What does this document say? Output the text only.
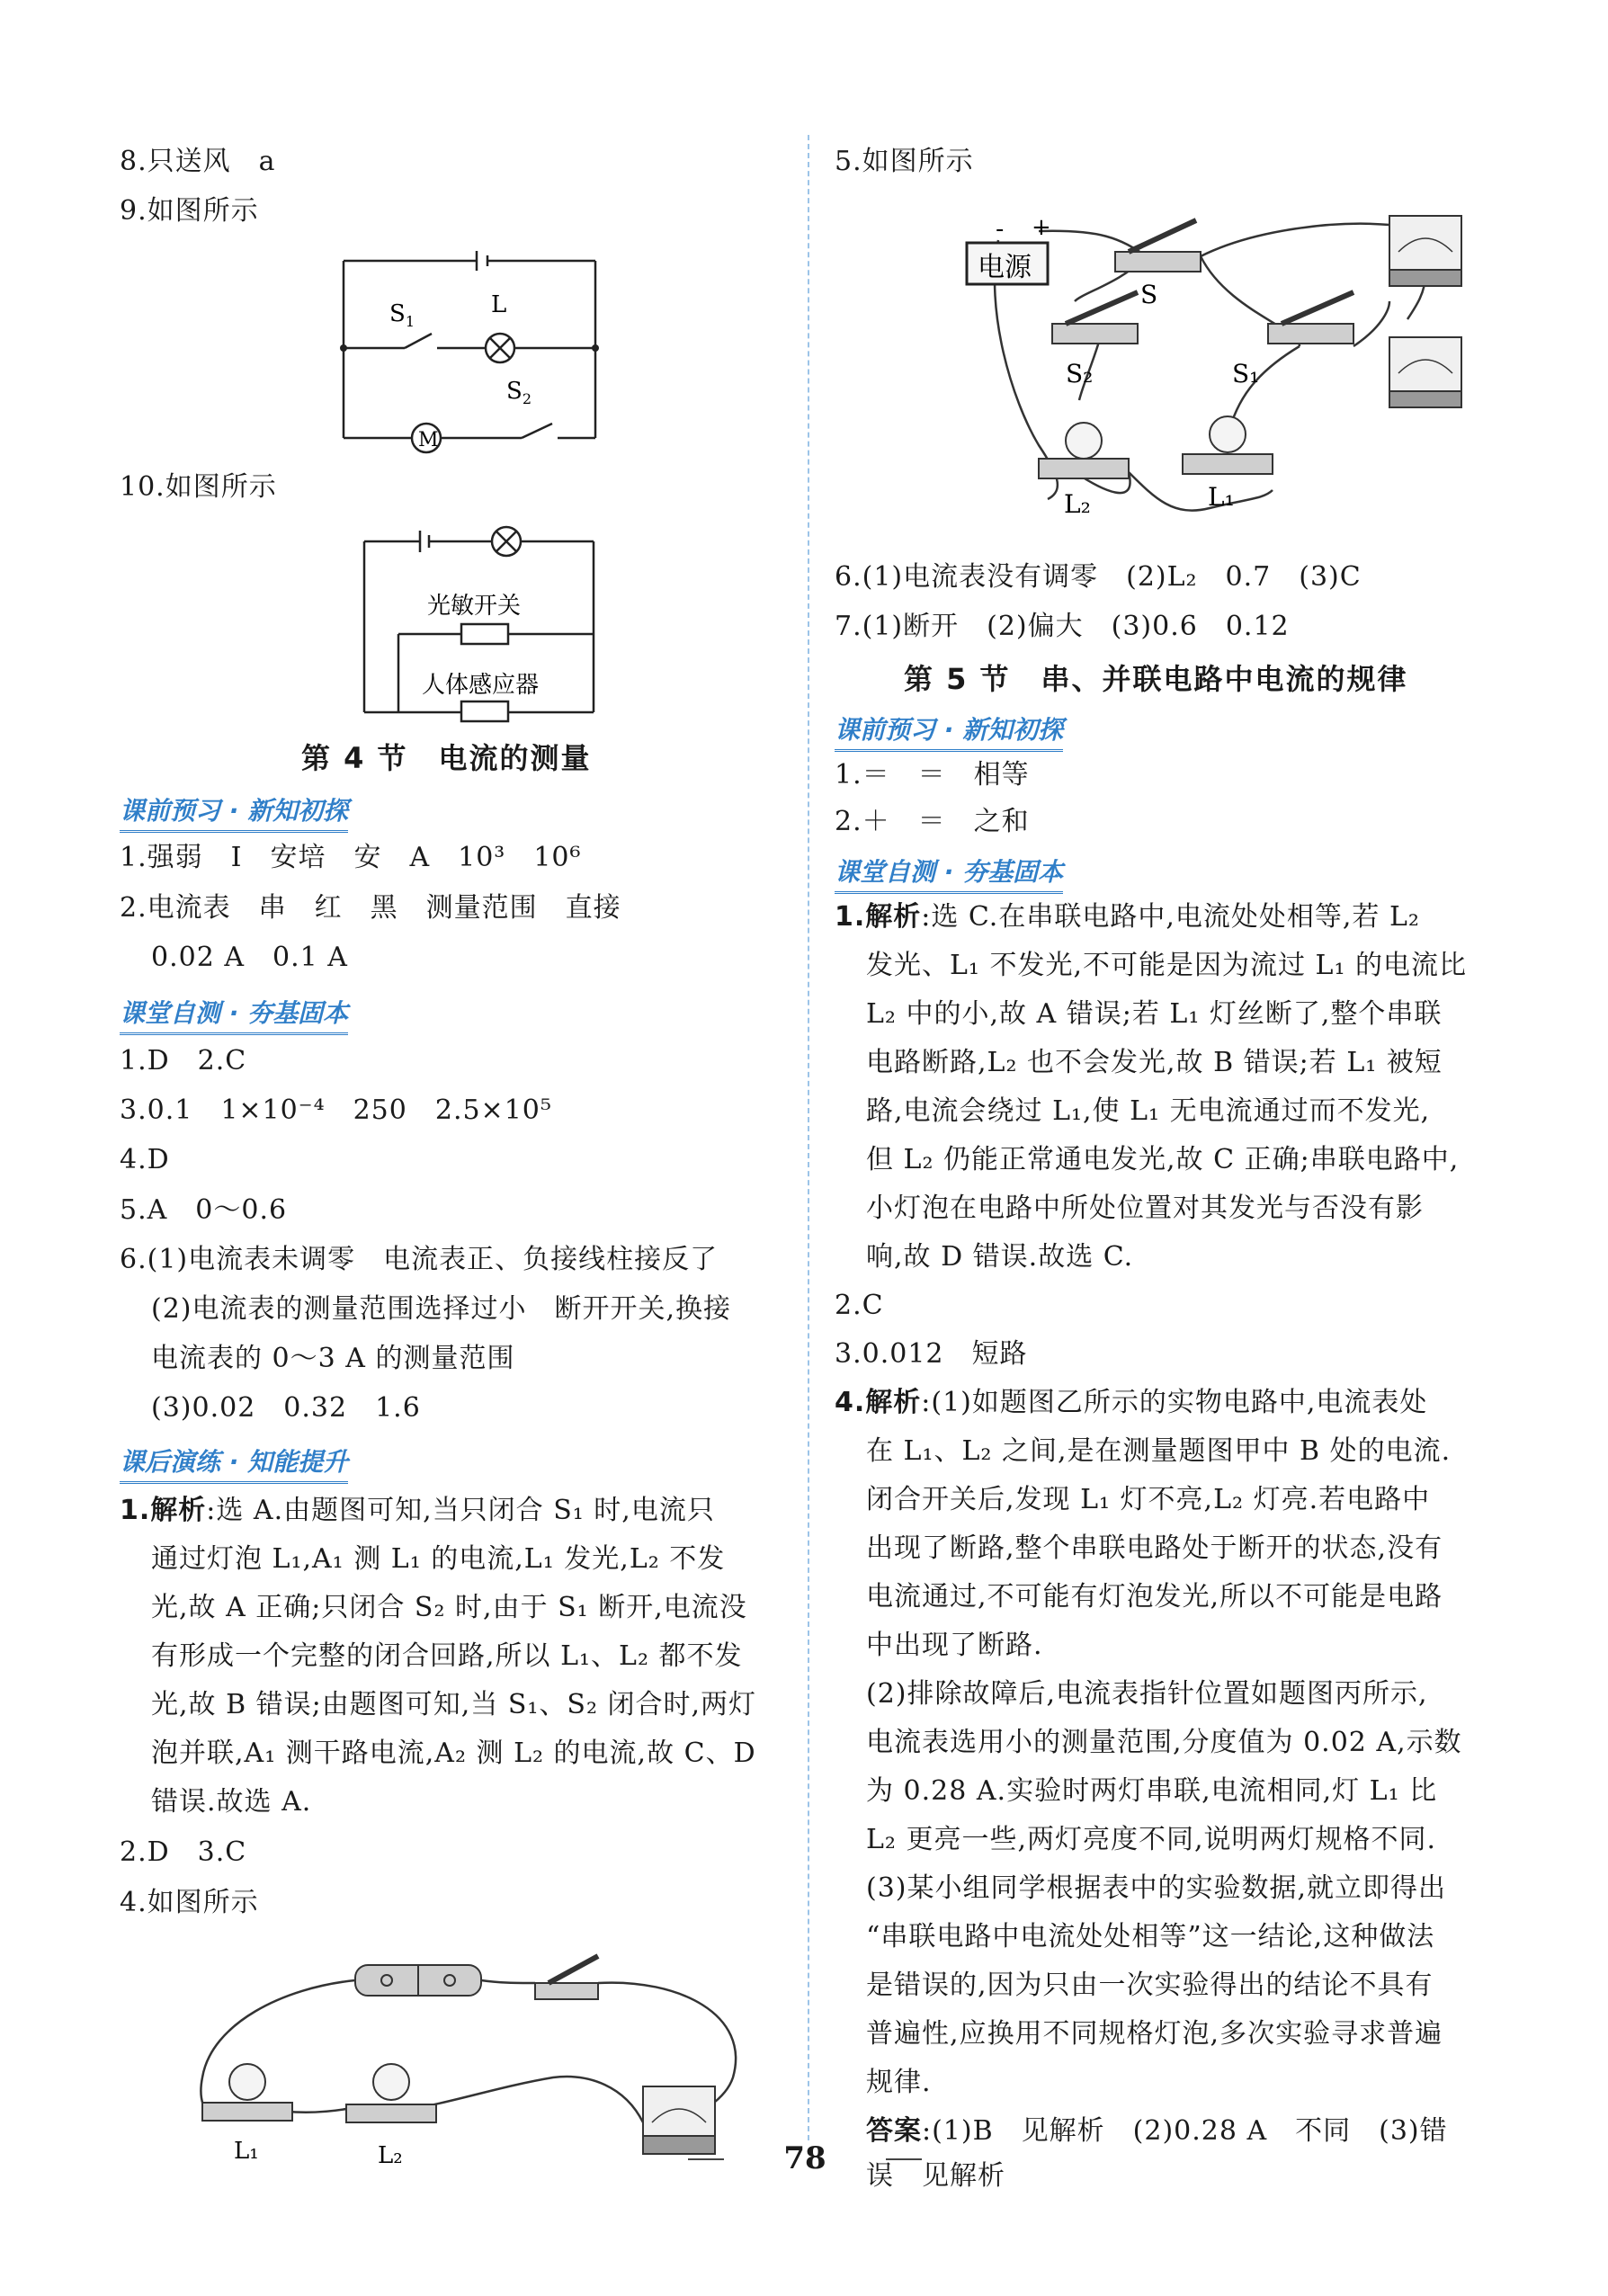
8.只送风　a
9.如图所示
$S_1$
L
$S_2$
M
10.如图所示
光敏开关
人体感应器
第 4 节　电流的测量
课前预习 · 新知初探
1.强弱　I　安培　安　A　10³　10⁶
2.电流表　串　红　黑　测量范围　直接
0.02 A　0.1 A
课堂自测 · 夯基固本
1.D　2.C
3.0.1　1×10⁻⁴　250　2.5×10⁵
4.D
5.A　0～0.6
6.(1)电流表未调零　电流表正、负接线柱接反了
(2)电流表的测量范围选择过小　断开开关,换接
电流表的 0～3 A 的测量范围
(3)0.02　0.32　1.6
课后演练 · 知能提升
1.解析:选 A.由题图可知,当只闭合 S₁ 时,电流只
通过灯泡 L₁,A₁ 测 L₁ 的电流,L₁ 发光,L₂ 不发
光,故 A 正确;只闭合 S₂ 时,由于 S₁ 断开,电流没
有形成一个完整的闭合回路,所以 L₁、L₂ 都不发
光,故 B 错误;由题图可知,当 S₁、S₂ 闭合时,两灯
泡并联,A₁ 测干路电流,A₂ 测 L₂ 的电流,故 C、D
错误.故选 A.
2.D　3.C
4.如图所示
L₁	L₂
5.如图所示
电源
- +
S
S₂	S₁
L₂	L₁
6.(1)电流表没有调零　(2)L₂　0.7　(3)C
7.(1)断开　(2)偏大　(3)0.6　0.12
第 5 节　串、并联电路中电流的规律
课前预习 · 新知初探
1.＝　＝　相等
2.＋　＝　之和
课堂自测 · 夯基固本
1.解析:选 C.在串联电路中,电流处处相等,若 L₂
发光、L₁ 不发光,不可能是因为流过 L₁ 的电流比
L₂ 中的小,故 A 错误;若 L₁ 灯丝断了,整个串联
电路断路,L₂ 也不会发光,故 B 错误;若 L₁ 被短
路,电流会绕过 L₁,使 L₁ 无电流通过而不发光,
但 L₂ 仍能正常通电发光,故 C 正确;串联电路中,
小灯泡在电路中所处位置对其发光与否没有影
响,故 D 错误.故选 C.
2.C
3.0.012　短路
4.解析:(1)如题图乙所示的实物电路中,电流表处
在 L₁、L₂ 之间,是在测量题图甲中 B 处的电流.
闭合开关后,发现 L₁ 灯不亮,L₂ 灯亮.若电路中
出现了断路,整个串联电路处于断开的状态,没有
电流通过,不可能有灯泡发光,所以不可能是电路
中出现了断路.
(2)排除故障后,电流表指针位置如题图丙所示,
电流表选用小的测量范围,分度值为 0.02 A,示数
为 0.28 A.实验时两灯串联,电流相同,灯 L₁ 比
L₂ 更亮一些,两灯亮度不同,说明两灯规格不同.
(3)某小组同学根据表中的实验数据,就立即得出
“串联电路中电流处处相等”这一结论,这种做法
是错误的,因为只由一次实验得出的结论不具有
普遍性,应换用不同规格灯泡,多次实验寻求普遍
规律.
答案:(1)B　见解析　(2)0.28 A　不同　(3)错
误　见解析
78
